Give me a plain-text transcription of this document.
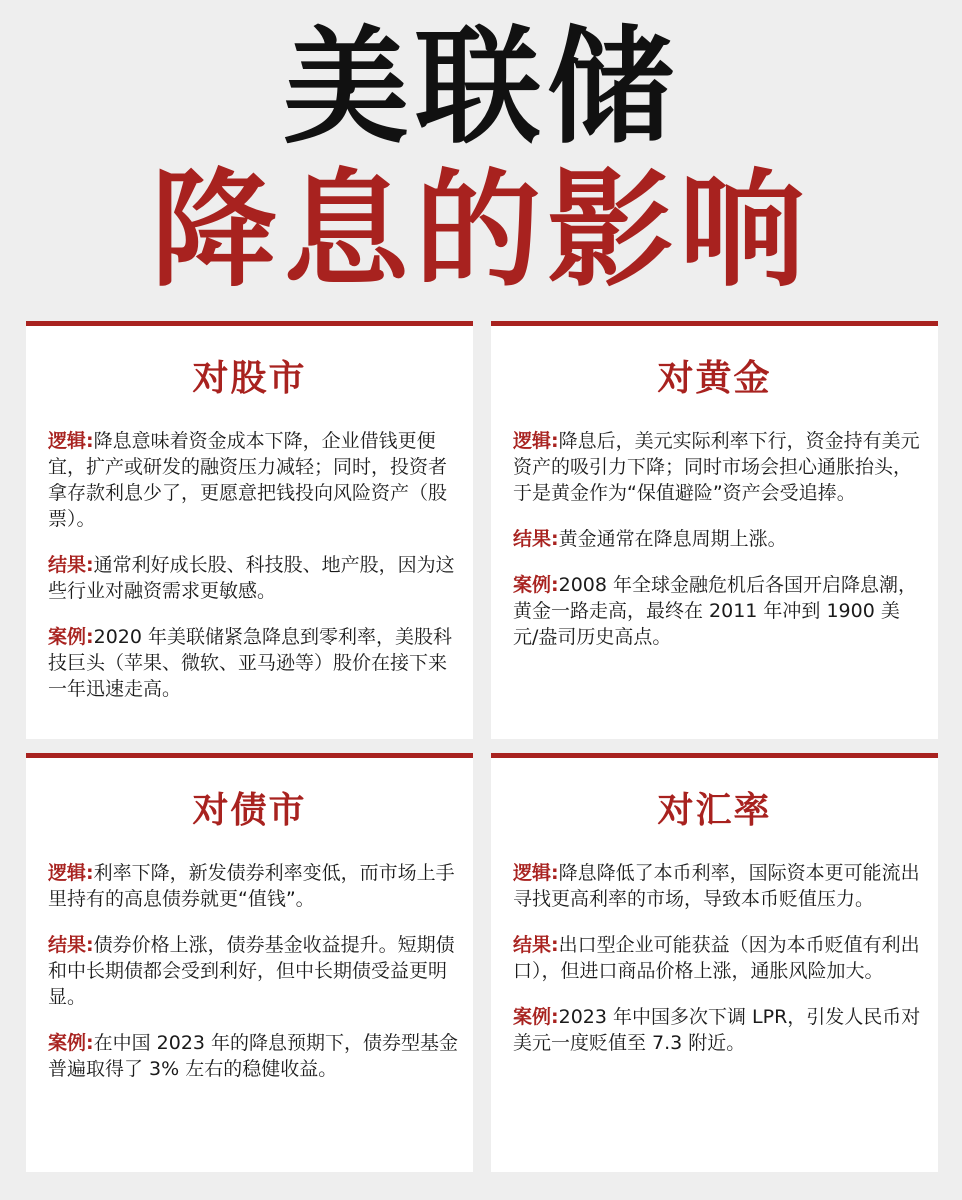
美联储
降息的影响
对股市

逻辑:降息意味着资金成本下降，企业借钱更便宜，扩产或研发的融资压力减轻；同时，投资者拿存款利息少了，更愿意把钱投向风险资产（股票）。

结果:通常利好成长股、科技股、地产股，因为这些行业对融资需求更敏感。

案例:2020 年美联储紧急降息到零利率，美股科技巨头（苹果、微软、亚马逊等）股价在接下来一年迅速走高。

对黄金

逻辑:降息后，美元实际利率下行，资金持有美元资产的吸引力下降；同时市场会担心通胀抬头，于是黄金作为“保值避险”资产会受追捧。

结果:黄金通常在降息周期上涨。

案例:2008 年全球金融危机后各国开启降息潮，黄金一路走高，最终在 2011 年冲到 1900 美元/盎司历史高点。

对债市

逻辑:利率下降，新发债券利率变低，而市场上手里持有的高息债券就更“值钱”。

结果:债券价格上涨，债券基金收益提升。短期债和中长期债都会受到利好，但中长期债受益更明显。

案例:在中国 2023 年的降息预期下，债券型基金普遍取得了 3% 左右的稳健收益。

对汇率

逻辑:降息降低了本币利率，国际资本更可能流出寻找更高利率的市场，导致本币贬值压力。

结果:出口型企业可能获益（因为本币贬值有利出口），但进口商品价格上涨，通胀风险加大。

案例:2023 年中国多次下调 LPR，引发人民币对美元一度贬值至 7.3 附近。
